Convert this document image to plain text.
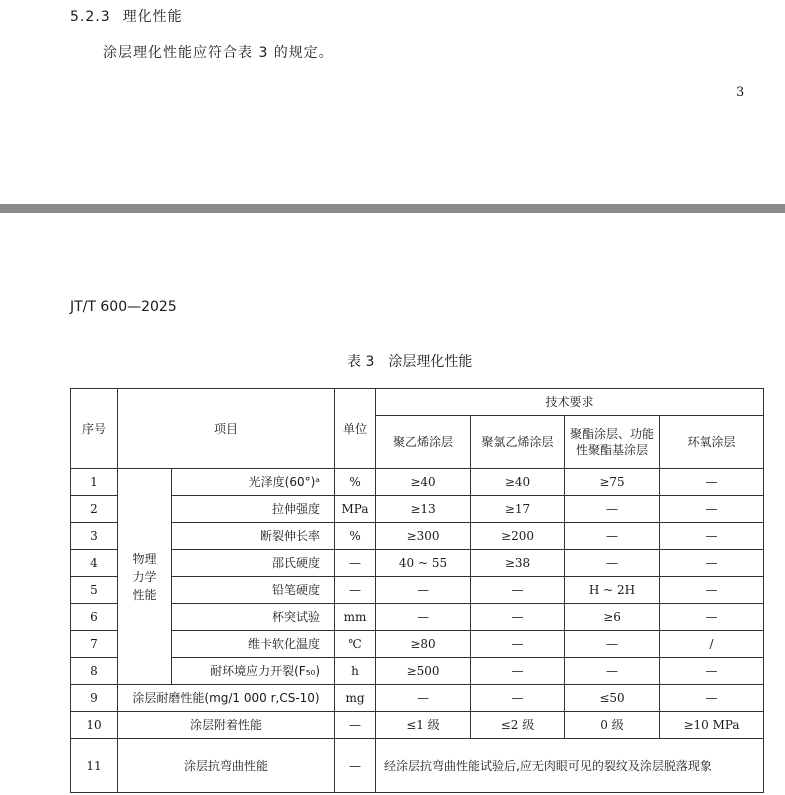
5.2.3 理化性能
涂层理化性能应符合表 3 的规定。
3
JT/T 600—2025
表 3 涂层理化性能
序号	项目		单位	技术要求			
				聚乙烯涂层	聚氯乙烯涂层	聚酯涂层、功能性聚酯基涂层	环氧涂层
1	物理力学性能	光泽度(60°)ᵃ	%	≥40	≥40	≥75	—
2		拉伸强度	MPa	≥13	≥17	—	—
3		断裂伸长率	%	≥300	≥200	—	—
4		邵氏硬度	—	40 ~ 55	≥38	—	—
5		铅笔硬度	—	—	—	H ~ 2H	—
6		杯突试验	mm	—	—	≥6	—
7		维卡软化温度	℃	≥80	—	—	/
8		耐环境应力开裂(F₅₀)	h	≥500	—	—	—
9	涂层耐磨性能(mg/1 000 r,CS-10)		mg	—	—	≤50	—
10	涂层附着性能		—	≤1 级	≤2 级	0 级	≥10 MPa
11	涂层抗弯曲性能		—	经涂层抗弯曲性能试验后,应无肉眼可见的裂纹及涂层脱落现象			
